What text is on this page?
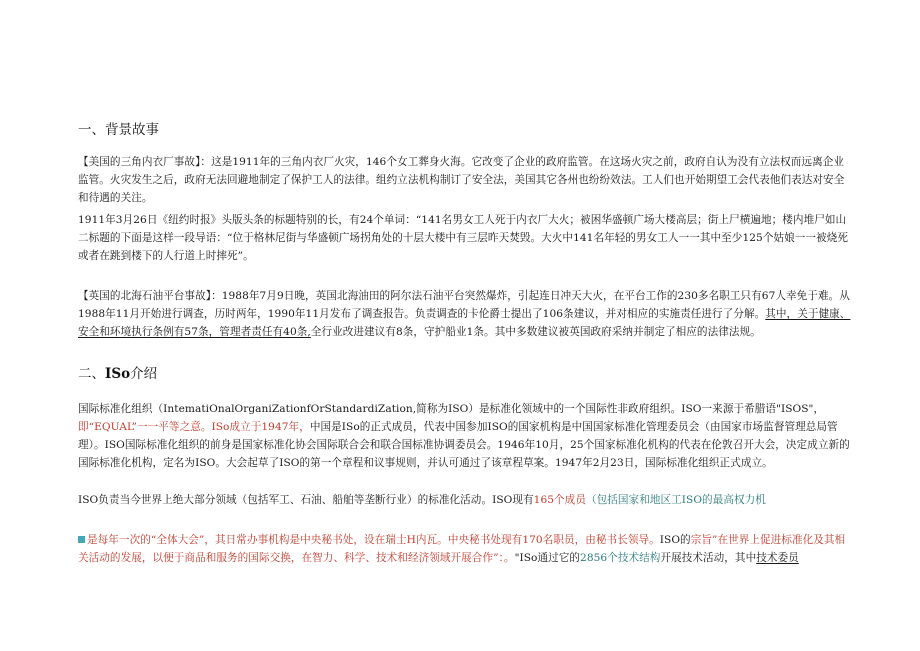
一、背景故事
【美国的三角内衣厂事故】：这是1911年的三角内衣厂火灾，146个女工葬身火海。它改变了企业的政府监管。在这场火灾之前，政府自认为没有立法权而远离企业监管。火灾发生之后，政府无法回避地制定了保护工人的法律。组约立法机构制订了安全法，美国其它各州也纷纷效法。工人们也开始期望工会代表他们表达对安全和待遇的关注。
1911年3月26日《纽约时报》头版头条的标题特别的长，有24个单词：“141名男女工人死于内衣厂大火；被困华盛顿广场大楼高层；街上尸横遍地；楼内堆尸如山二标题的下面是这样一段导语：“位于格林尼街与华盛顿广场拐角处的十层大楼中有三层昨天焚毁。大火中141名年轻的男女工人一一其中至少125个姑娘一一被烧死或者在跳到楼下的人行道上时摔死”。
【英国的北海石油平台事故】：1988年7月9日晚，英国北海油田的阿尔法石油平台突然爆炸，引起连日冲天大火，在平台工作的230多名职工只有67人幸免于难。从1988年11月开始进行调查，历时两年，1990年11月发布了调查报告。负责调查的卡伦爵士提出了106条建议，并对相应的实施责任进行了分解。其中，关于健康、安全和环境执行条例有57条，管理者责任有40条,全行业改进建议有8条，守护船业1条。其中多数建议被英国政府采纳并制定了相应的法律法规。
二、ISo介绍
国际标准化组织（IntematiOnalOrganiZationfOrStandardiZation,简称为ISO）是标准化领域中的一个国际性非政府组织。ISO一来源于希腊语"ISOS"，即“EQUAL”一一平等之意。ISo成立于1947年，中国是ISo的正式成员，代表中国参加ISO的国家机构是中国国家标准化管理委员会（由国家市场监督管理总局管理）。ISO国际标准化组织的前身是国家标准化协会国际联合会和联合国标准协调委员会。1946年10月，25个国家标准化机构的代表在伦敦召开大会，决定成立新的国际标准化机构，定名为ISO。大会起草了ISO的第一个章程和议事规则，并认可通过了该章程草案。1947年2月23日，国际标准化组织正式成立。
ISO负责当今世界上绝大部分领域（包括军工、石油、船舶等垄断行业）的标准化活动。ISO现有165个成员（包括国家和地区工ISO的最高权力机
是每年一次的“全体大会”，其日常办事机构是中央秘书处，设在瑞士H内瓦。中央秘书处现有170名职员，由秘书长领导。ISO的宗旨”在世界上促进标准化及其相关活动的发展，以便于商品和服务的国际交换，在智力、科学、技术和经济领域开展合作”：。"ISo通过它的2856个技术结构开展技术活动，其中技术委员
